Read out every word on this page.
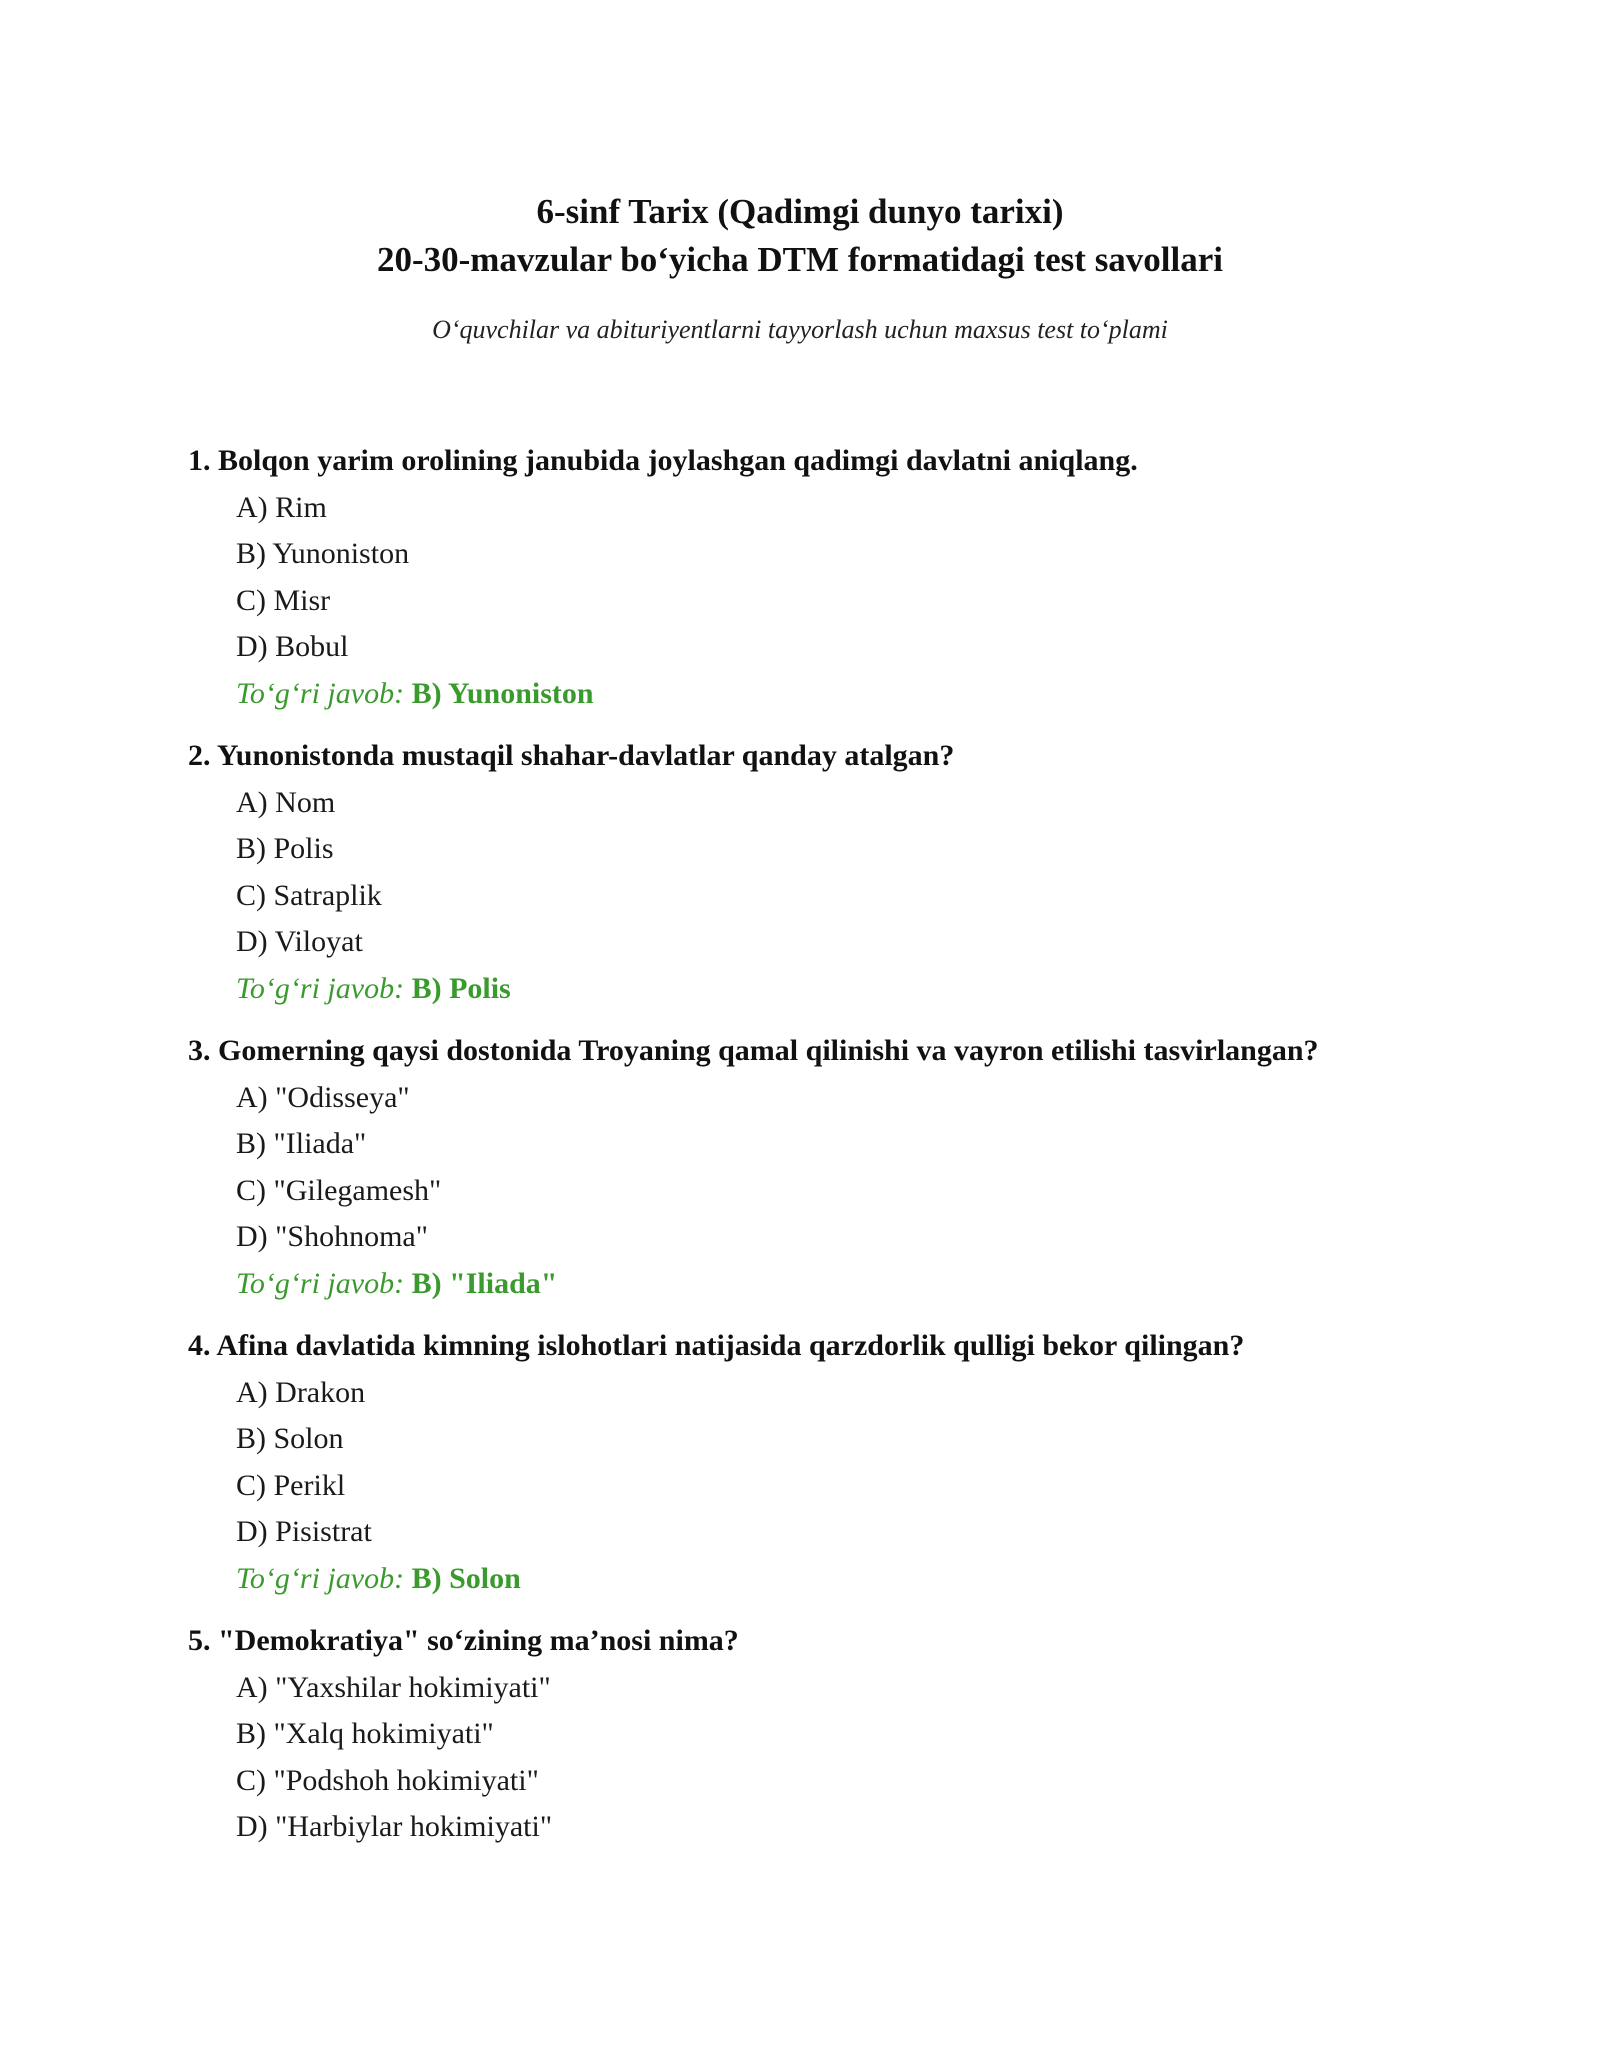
6-sinf Tarix (Qadimgi dunyo tarixi)
20-30-mavzular bo‘yicha DTM formatidagi test savollari
O‘quvchilar va abituriyentlarni tayyorlash uchun maxsus test to‘plami
1. Bolqon yarim orolining janubida joylashgan qadimgi davlatni aniqlang.
A) Rim
B) Yunoniston
C) Misr
D) Bobul
To‘g‘ri javob: B) Yunoniston
2. Yunonistonda mustaqil shahar-davlatlar qanday atalgan?
A) Nom
B) Polis
C) Satraplik
D) Viloyat
To‘g‘ri javob: B) Polis
3. Gomerning qaysi dostonida Troyaning qamal qilinishi va vayron etilishi tasvirlangan?
A) "Odisseya"
B) "Iliada"
C) "Gilegamesh"
D) "Shohnoma"
To‘g‘ri javob: B) "Iliada"
4. Afina davlatida kimning islohotlari natijasida qarzdorlik qulligi bekor qilingan?
A) Drakon
B) Solon
C) Perikl
D) Pisistrat
To‘g‘ri javob: B) Solon
5. "Demokratiya" so‘zining ma’nosi nima?
A) "Yaxshilar hokimiyati"
B) "Xalq hokimiyati"
C) "Podshoh hokimiyati"
D) "Harbiylar hokimiyati"
